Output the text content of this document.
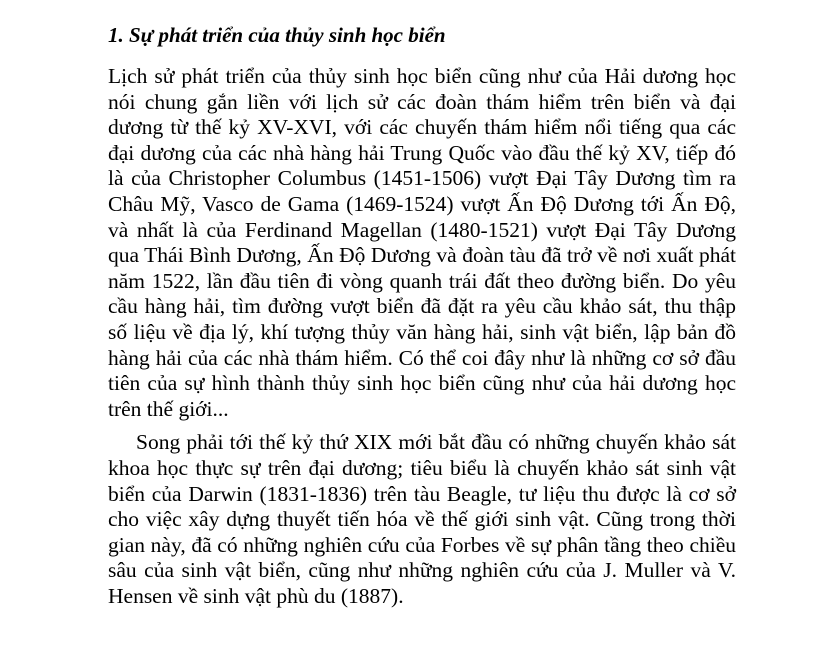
1. Sự phát triển của thủy sinh học biển

Lịch sử phát triển của thủy sinh học biển cũng như của Hải dương học nói chung gắn liền với lịch sử các đoàn thám hiểm trên biển và đại dương từ thế kỷ XV-XVI, với các chuyến thám hiểm nổi tiếng qua các đại dương của các nhà hàng hải Trung Quốc vào đầu thế kỷ XV, tiếp đó là của Christopher Columbus (1451-1506) vượt Đại Tây Dương tìm ra Châu Mỹ, Vasco de Gama (1469-1524) vượt Ấn Độ Dương tới Ấn Độ, và nhất là của Ferdinand Magellan (1480-1521) vượt Đại Tây Dương qua Thái Bình Dương, Ấn Độ Dương và đoàn tàu đã trở về nơi xuất phát năm 1522, lần đầu tiên đi vòng quanh trái đất theo đường biển. Do yêu cầu hàng hải, tìm đường vượt biển đã đặt ra yêu cầu khảo sát, thu thập số liệu về địa lý, khí tượng thủy văn hàng hải, sinh vật biển, lập bản đồ hàng hải của các nhà thám hiểm. Có thể coi đây như là những cơ sở đầu tiên của sự hình thành thủy sinh học biển cũng như của hải dương học trên thế giới...

Song phải tới thế kỷ thứ XIX mới bắt đầu có những chuyến khảo sát khoa học thực sự trên đại dương; tiêu biểu là chuyến khảo sát sinh vật biển của Darwin (1831-1836) trên tàu Beagle, tư liệu thu được là cơ sở cho việc xây dựng thuyết tiến hóa về thế giới sinh vật. Cũng trong thời gian này, đã có những nghiên cứu của Forbes về sự phân tầng theo chiều sâu của sinh vật biển, cũng như những nghiên cứu của J. Muller và V. Hensen về sinh vật phù du (1887).
